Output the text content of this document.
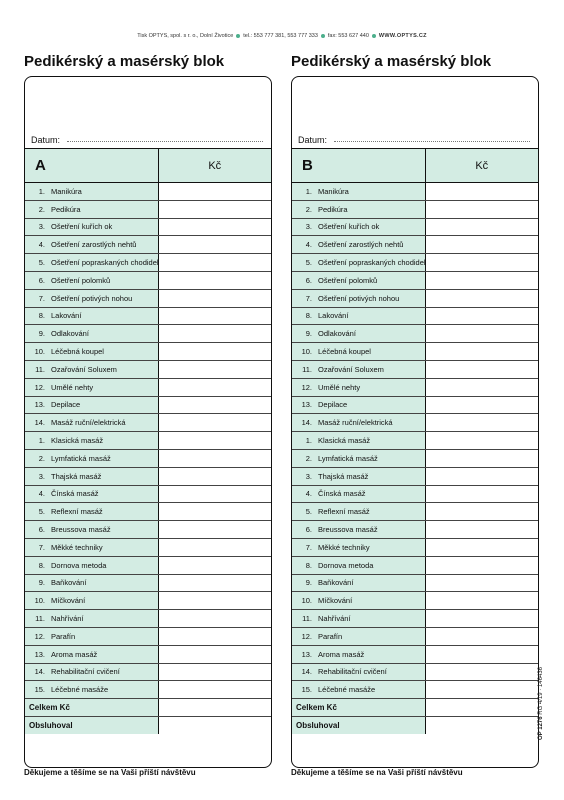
Tisk OPTYS, spol. s r. o., Dolní Životice tel.: 553 777 381, 553 777 333 fax: 553 627 440 WWW.OPTYS.CZ
Pedikérský a masérský blok
Datum:
A	Kč
1. Manikúra	
2. Pedikúra	
3. Ošetření kuřích ok	
4. Ošetření zarostlých nehtů	
5. Ošetření popraskaných chodidel	
6. Ošetření polomků	
7. Ošetření potivých nohou	
8. Lakování	
9. Odlakování	
10. Léčebná koupel	
11. Ozařování Soluxem	
12. Umělé nehty	
13. Depilace	
14. Masáž ruční/elektrická	
1. Klasická masáž	
2. Lymfatická masáž	
3. Thajská masáž	
4. Čínská masáž	
5. Reflexní masáž	
6. Breussova masáž	
7. Měkké techniky	
8. Dornova metoda	
9. Baňkování	
10. Míčkování	
11. Nahřívání	
12. Parafín	
13. Aroma masáž	
14. Rehabilitační cvičení	
15. Léčebné masáže	
Celkem Kč	
Obsluhoval	
Děkujeme a těšíme se na Vaši příští návštěvu
Pedikérský a masérský blok
Datum:
B	Kč
1. Manikúra	
2. Pedikúra	
3. Ošetření kuřích ok	
4. Ošetření zarostlých nehtů	
5. Ošetření popraskaných chodidel	
6. Ošetření polomků	
7. Ošetření potivých nohou	
8. Lakování	
9. Odlakování	
10. Léčebná koupel	
11. Ozařování Soluxem	
12. Umělé nehty	
13. Depilace	
14. Masáž ruční/elektrická	
1. Klasická masáž	
2. Lymfatická masáž	
3. Thajská masáž	
4. Čínská masáž	
5. Reflexní masáž	
6. Breussova masáž	
7. Měkké techniky	
8. Dornova metoda	
9. Baňkování	
10. Míčkování	
11. Nahřívání	
12. Parafín	
13. Aroma masáž	
14. Rehabilitační cvičení	
15. Léčebné masáže	
Celkem Kč	
Obsluhoval	
Děkujeme a těšíme se na Vaši příští návštěvu
OP 1276 RG 4/19 · 146436
